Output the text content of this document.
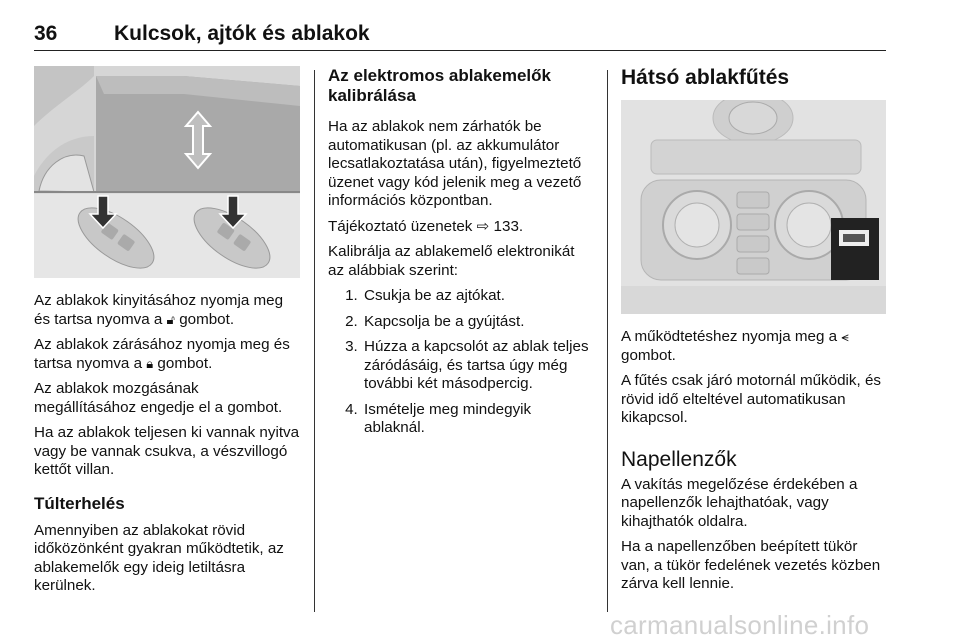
36	Kulcsok, ajtók és ablakok

Az ablakok kinyitásához nyomja meg és tartsa nyomva a 🔓︎ gombot.

Az ablakok zárásához nyomja meg és tartsa nyomva a 🔒︎ gombot.

Az ablakok mozgásának megállításához engedje el a gombot.

Ha az ablakok teljesen ki vannak nyitva vagy be vannak csukva, a vészvillogó kettőt villan.

Túlterhelés

Amennyiben az ablakokat rövid időközönként gyakran működtetik, az ablakemelők egy ideig letiltásra kerülnek.

Az elektromos ablakemelők kalibrálása

Ha az ablakok nem zárhatók be automatikusan (pl. az akkumulátor lecsatlakoztatása után), figyelmeztető üzenet vagy kód jelenik meg a vezető információs központban.

Tájékoztató üzenetek ⇨ 133.

Kalibrálja az ablakemelő elektronikát az alábbiak szerint:

1. Csukja be az ajtókat.
2. Kapcsolja be a gyújtást.
3. Húzza a kapcsolót az ablak teljes záródásáig, és tartsa úgy még további két másodpercig.
4. Ismételje meg mindegyik ablaknál.
Hátsó ablakfűtés

A működtetéshez nyomja meg a ⪪ gombot.

A fűtés csak járó motornál működik, és rövid idő elteltével automatikusan kikapcsol.

Napellenzők

A vakítás megelőzése érdekében a napellenzők lehajthatóak, vagy kihajthatók oldalra.

Ha a napellenzőben beépített tükör van, a tükör fedelének vezetés közben zárva kell lennie.

carmanualsonline.info
